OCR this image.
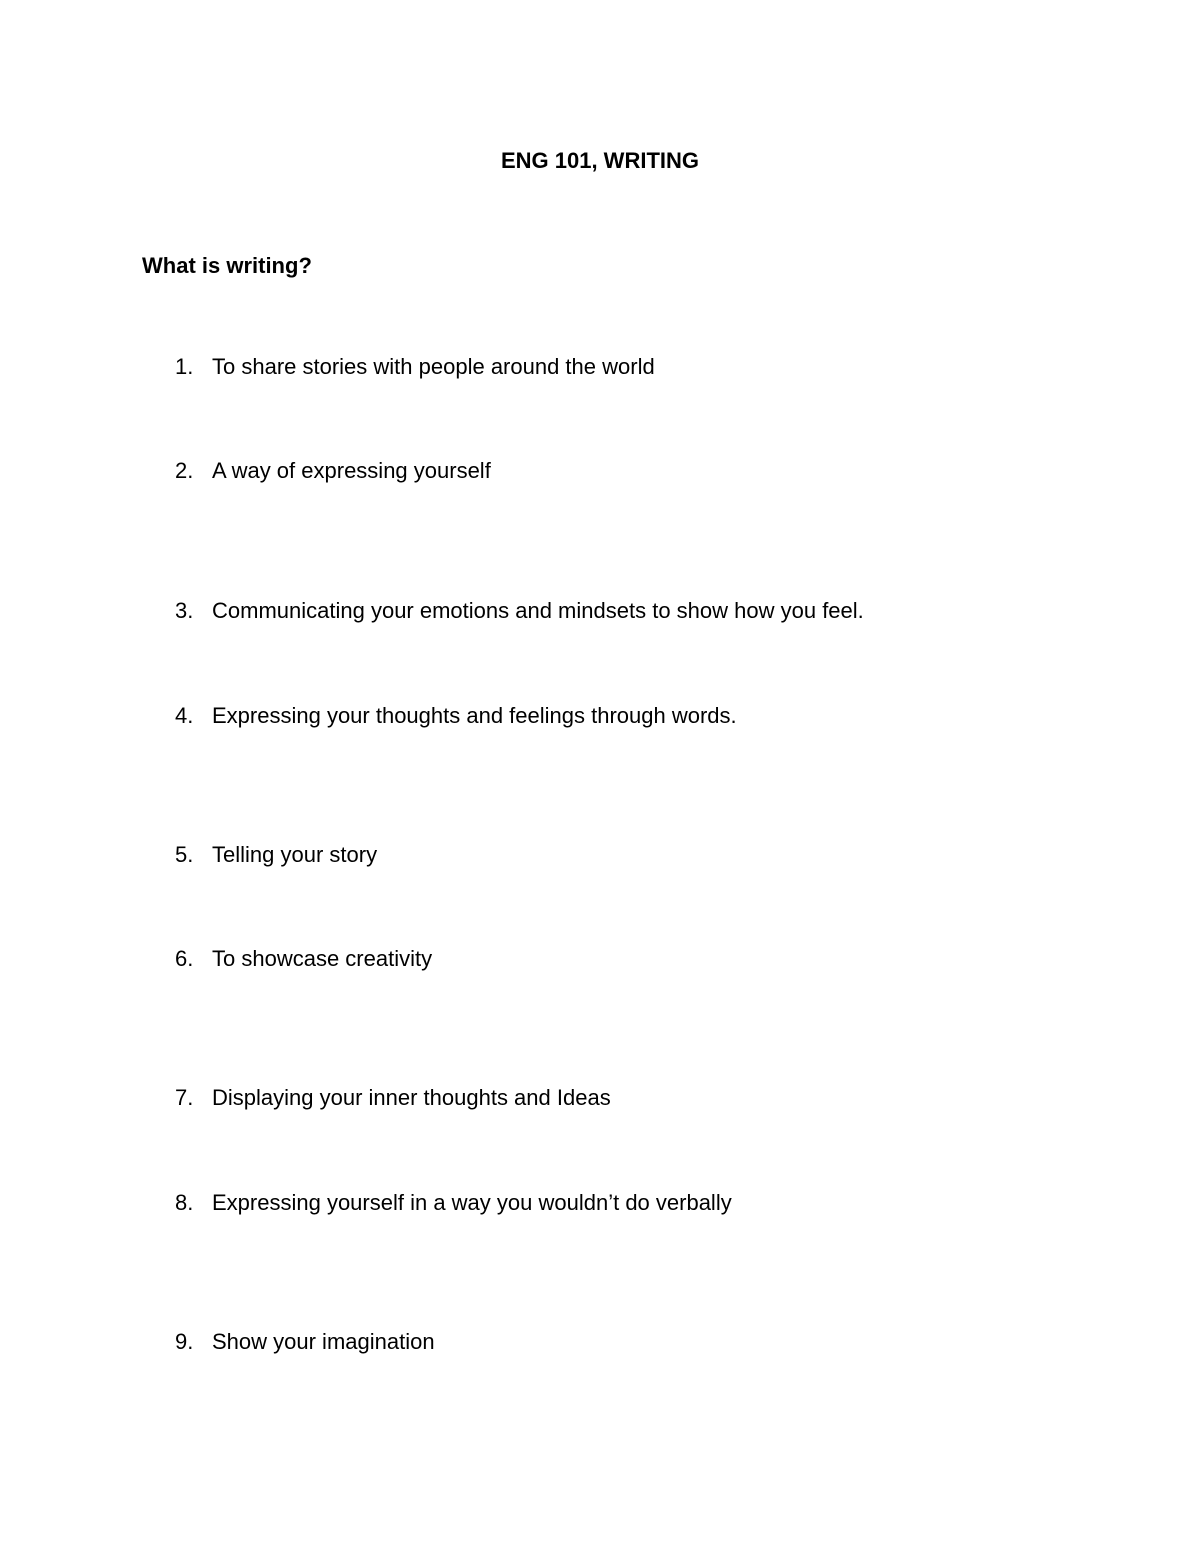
ENG 101, WRITING
What is writing?
1. To share stories with people around the world
2. A way of expressing yourself
3. Communicating your emotions and mindsets to show how you feel.
4. Expressing your thoughts and feelings through words.
5. Telling your story
6. To showcase creativity
7. Displaying your inner thoughts and Ideas
8. Expressing yourself in a way you wouldn’t do verbally
9. Show your imagination
